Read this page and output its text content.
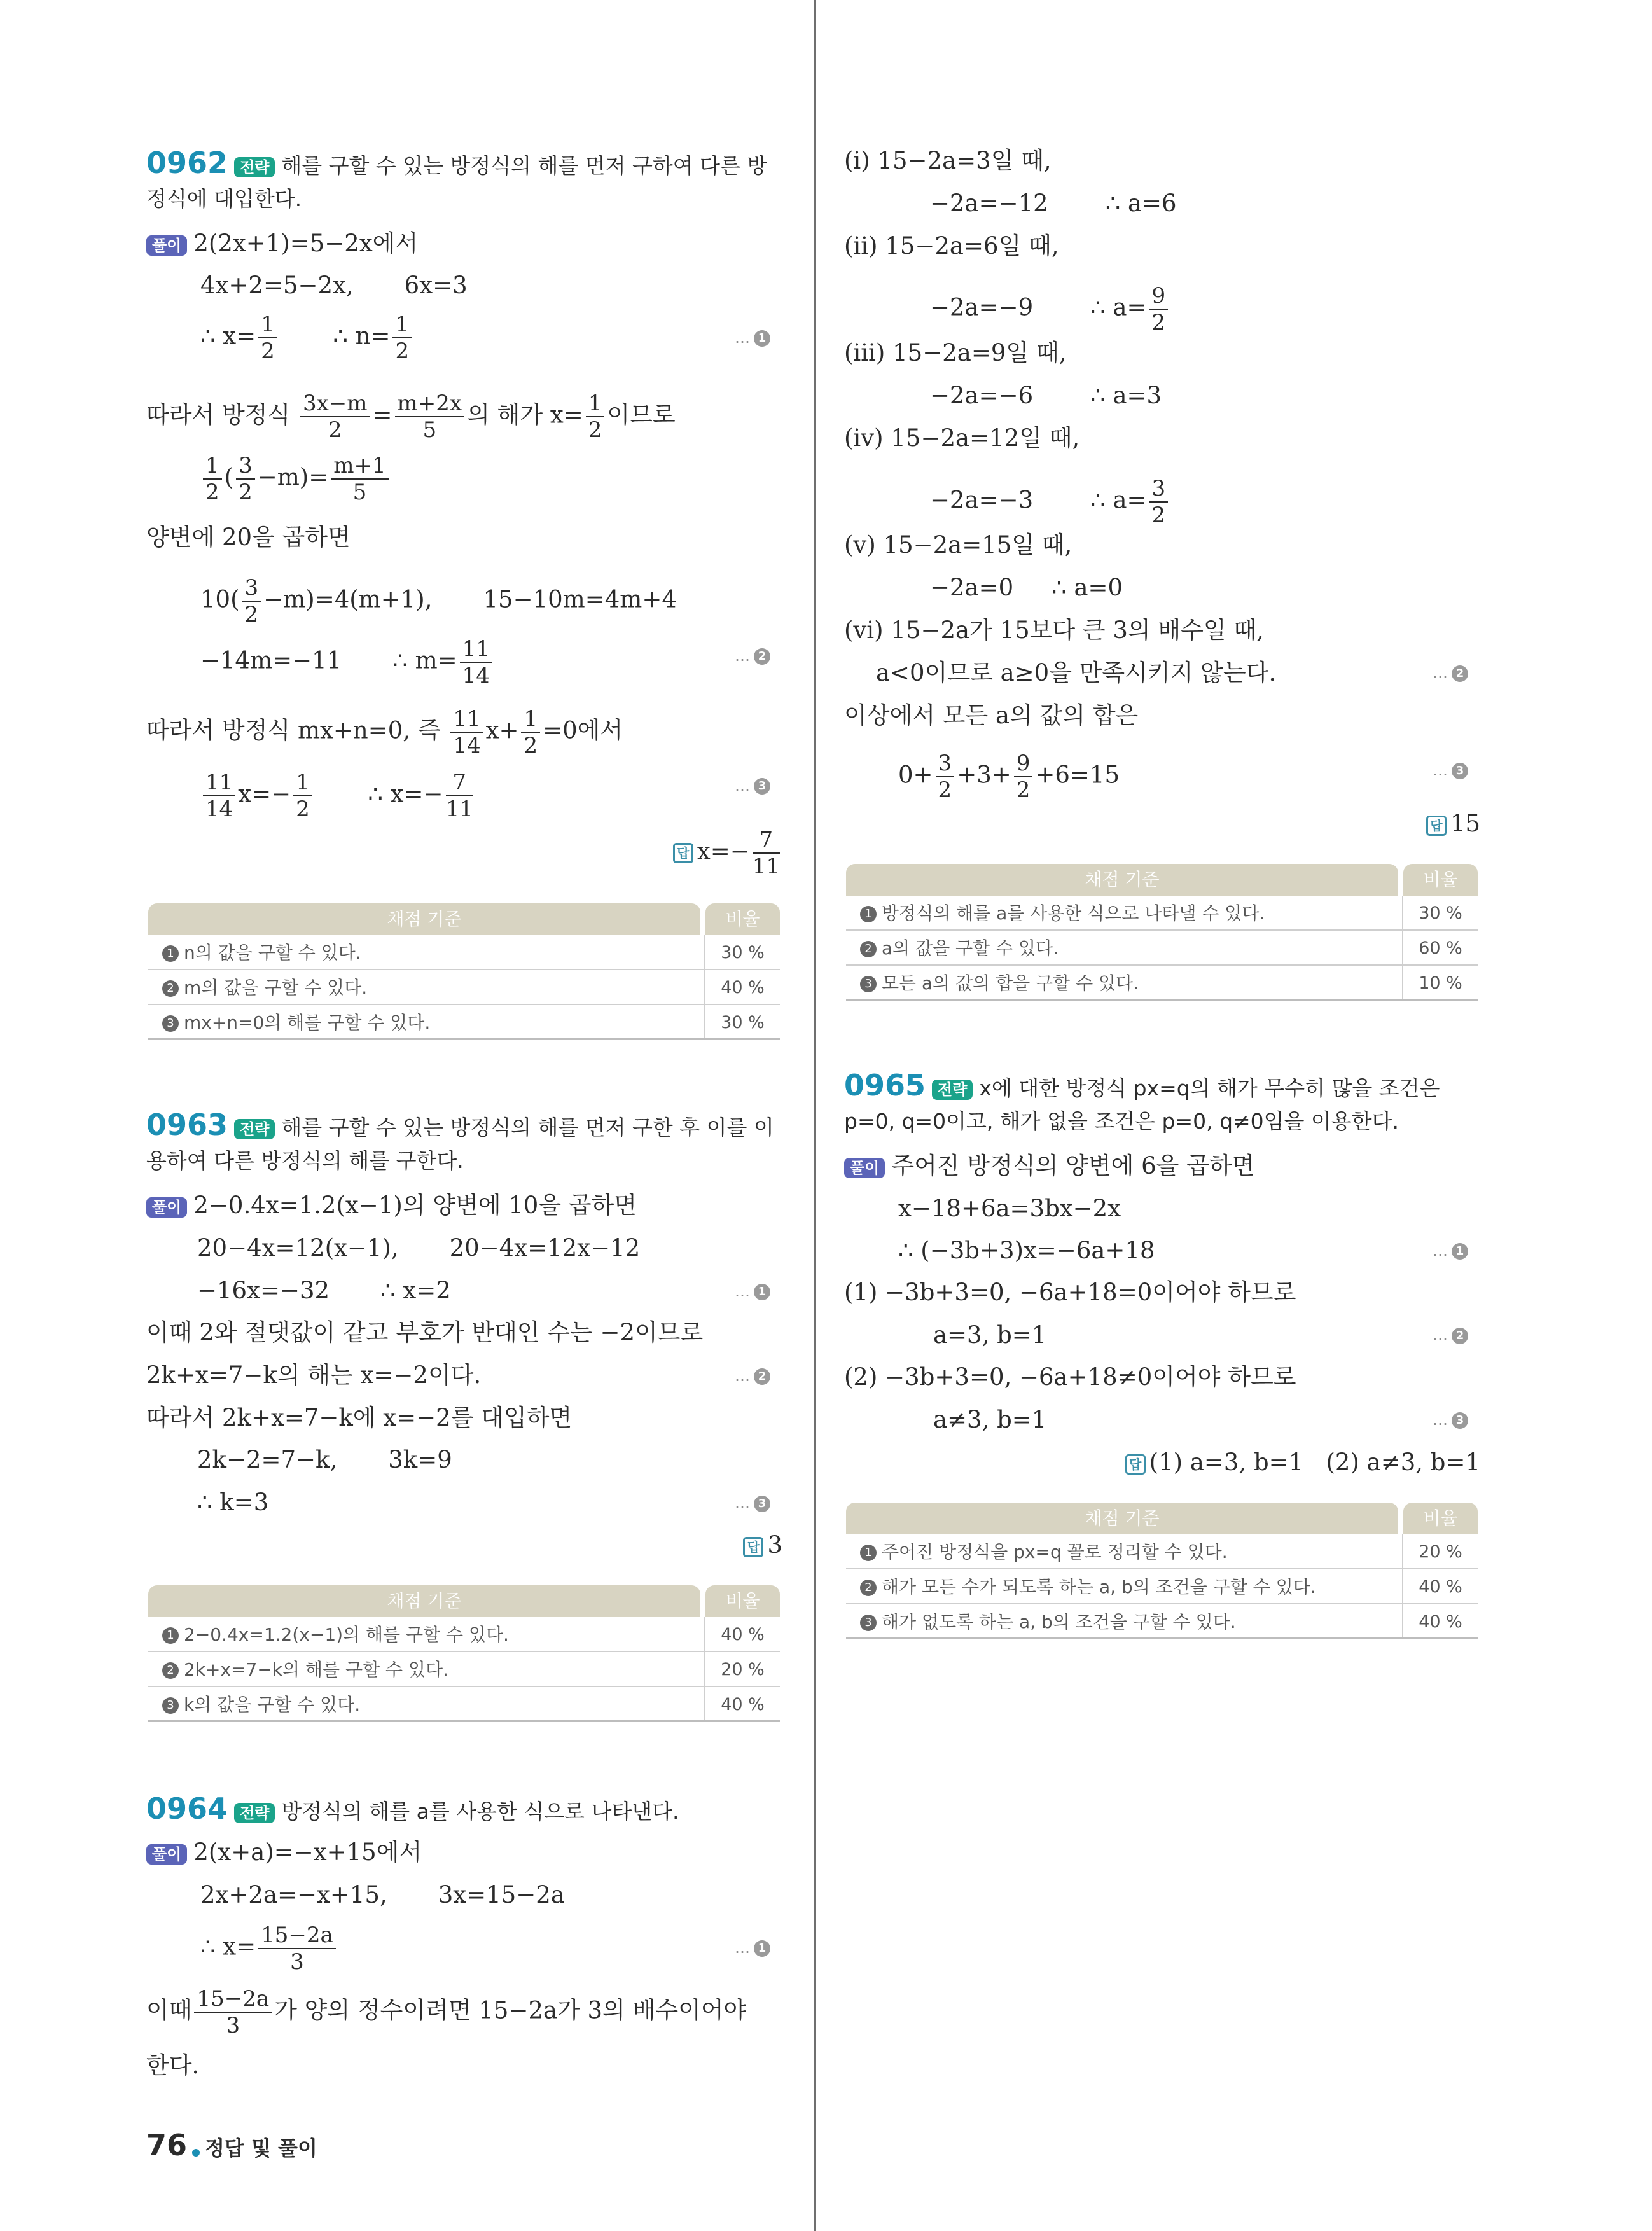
0962 전략 해를 구할 수 있는 방정식의 해를 먼저 구하여 다른 방
정식에 대입한다.
풀이 2(2x+1)=5−2x에서
4x+2=5−2x, 6x=3
∴ $x= \frac{1}{2}$ ∴ $n= \frac{1}{2}$	… 1
따라서 방정식 $\frac{3x-m}{2} = \frac{m+2x}{5}$ 의 해가 $x= \frac{1}{2}$ 이므로
$\frac{1}{2}$ ( $\frac{3}{2} -m)= \frac{m+1}{5}$
양변에 20을 곱하면
$10( \frac{3}{2} -m)=4(m+1)$, 15−10m=4m+4
−14m=−11 ∴ $m= \frac{11}{14}$	… 2
따라서 방정식 mx+n=0, 즉 $\frac{11}{14} x+ \frac{1}{2} =0$에서
$\frac{11}{14} x=- \frac{1}{2}$ ∴ $x=- \frac{7}{11}$	… 3
답 $x=- \frac{7}{11}$
채점 기준	비율
1 n의 값을 구할 수 있다.	30 %
2 m의 값을 구할 수 있다.	40 %
3 mx+n=0의 해를 구할 수 있다.	30 %
0963 전략 해를 구할 수 있는 방정식의 해를 먼저 구한 후 이를 이
용하여 다른 방정식의 해를 구한다.
풀이 2−0.4x=1.2(x−1)의 양변에 10을 곱하면
20−4x=12(x−1), 20−4x=12x−12
−16x=−32 ∴ x=2	… 1
이때 2와 절댓값이 같고 부호가 반대인 수는 −2이므로
2k+x=7−k의 해는 x=−2이다.	… 2
따라서 2k+x=7−k에 x=−2를 대입하면
2k−2=7−k, 3k=9
∴ k=3	… 3
답 3
채점 기준	비율
1 2−0.4x=1.2(x−1)의 해를 구할 수 있다.	40 %
2 2k+x=7−k의 해를 구할 수 있다.	20 %
3 k의 값을 구할 수 있다.	40 %
0964 전략 방정식의 해를 a를 사용한 식으로 나타낸다.
풀이 2(x+a)=−x+15에서
2x+2a=−x+15, 3x=15−2a
∴ $x= \frac{15-2a}{3}$	… 1
이때 $\frac{15-2a}{3}$ 가 양의 정수이려면 15−2a가 3의 배수이어야
한다.
(ⅰ) 15−2a=3일 때,
−2a=−12 ∴ a=6
(ⅱ) 15−2a=6일 때,
−2a=−9 ∴ $a= \frac{9}{2}$
(ⅲ) 15−2a=9일 때,
−2a=−6 ∴ a=3
(ⅳ) 15−2a=12일 때,
−2a=−3 ∴ $a= \frac{3}{2}$
(ⅴ) 15−2a=15일 때,
−2a=0 ∴ a=0
(ⅵ) 15−2a가 15보다 큰 3의 배수일 때,
a<0이므로 a≥0을 만족시키지 않는다.	… 2
이상에서 모든 a의 값의 합은
$0+ \frac{3}{2} +3+ \frac{9}{2} +6=15$	… 3
답 15
채점 기준	비율
1 방정식의 해를 a를 사용한 식으로 나타낼 수 있다.	30 %
2 a의 값을 구할 수 있다.	60 %
3 모든 a의 값의 합을 구할 수 있다.	10 %
0965 전략 x에 대한 방정식 px=q의 해가 무수히 많을 조건은
p=0, q=0이고, 해가 없을 조건은 p=0, q≠0임을 이용한다.
풀이 주어진 방정식의 양변에 6을 곱하면
x−18+6a=3bx−2x
∴ (−3b+3)x=−6a+18	… 1
(1) −3b+3=0, −6a+18=0이어야 하므로
a=3, b=1	… 2
(2) −3b+3=0, −6a+18≠0이어야 하므로
a≠3, b=1	… 3
답 (1) a=3, b=1   (2) a≠3, b=1
채점 기준	비율
1 주어진 방정식을 px=q 꼴로 정리할 수 있다.	20 %
2 해가 모든 수가 되도록 하는 a, b의 조건을 구할 수 있다.	40 %
3 해가 없도록 하는 a, b의 조건을 구할 수 있다.	40 %
76 정답 및 풀이
